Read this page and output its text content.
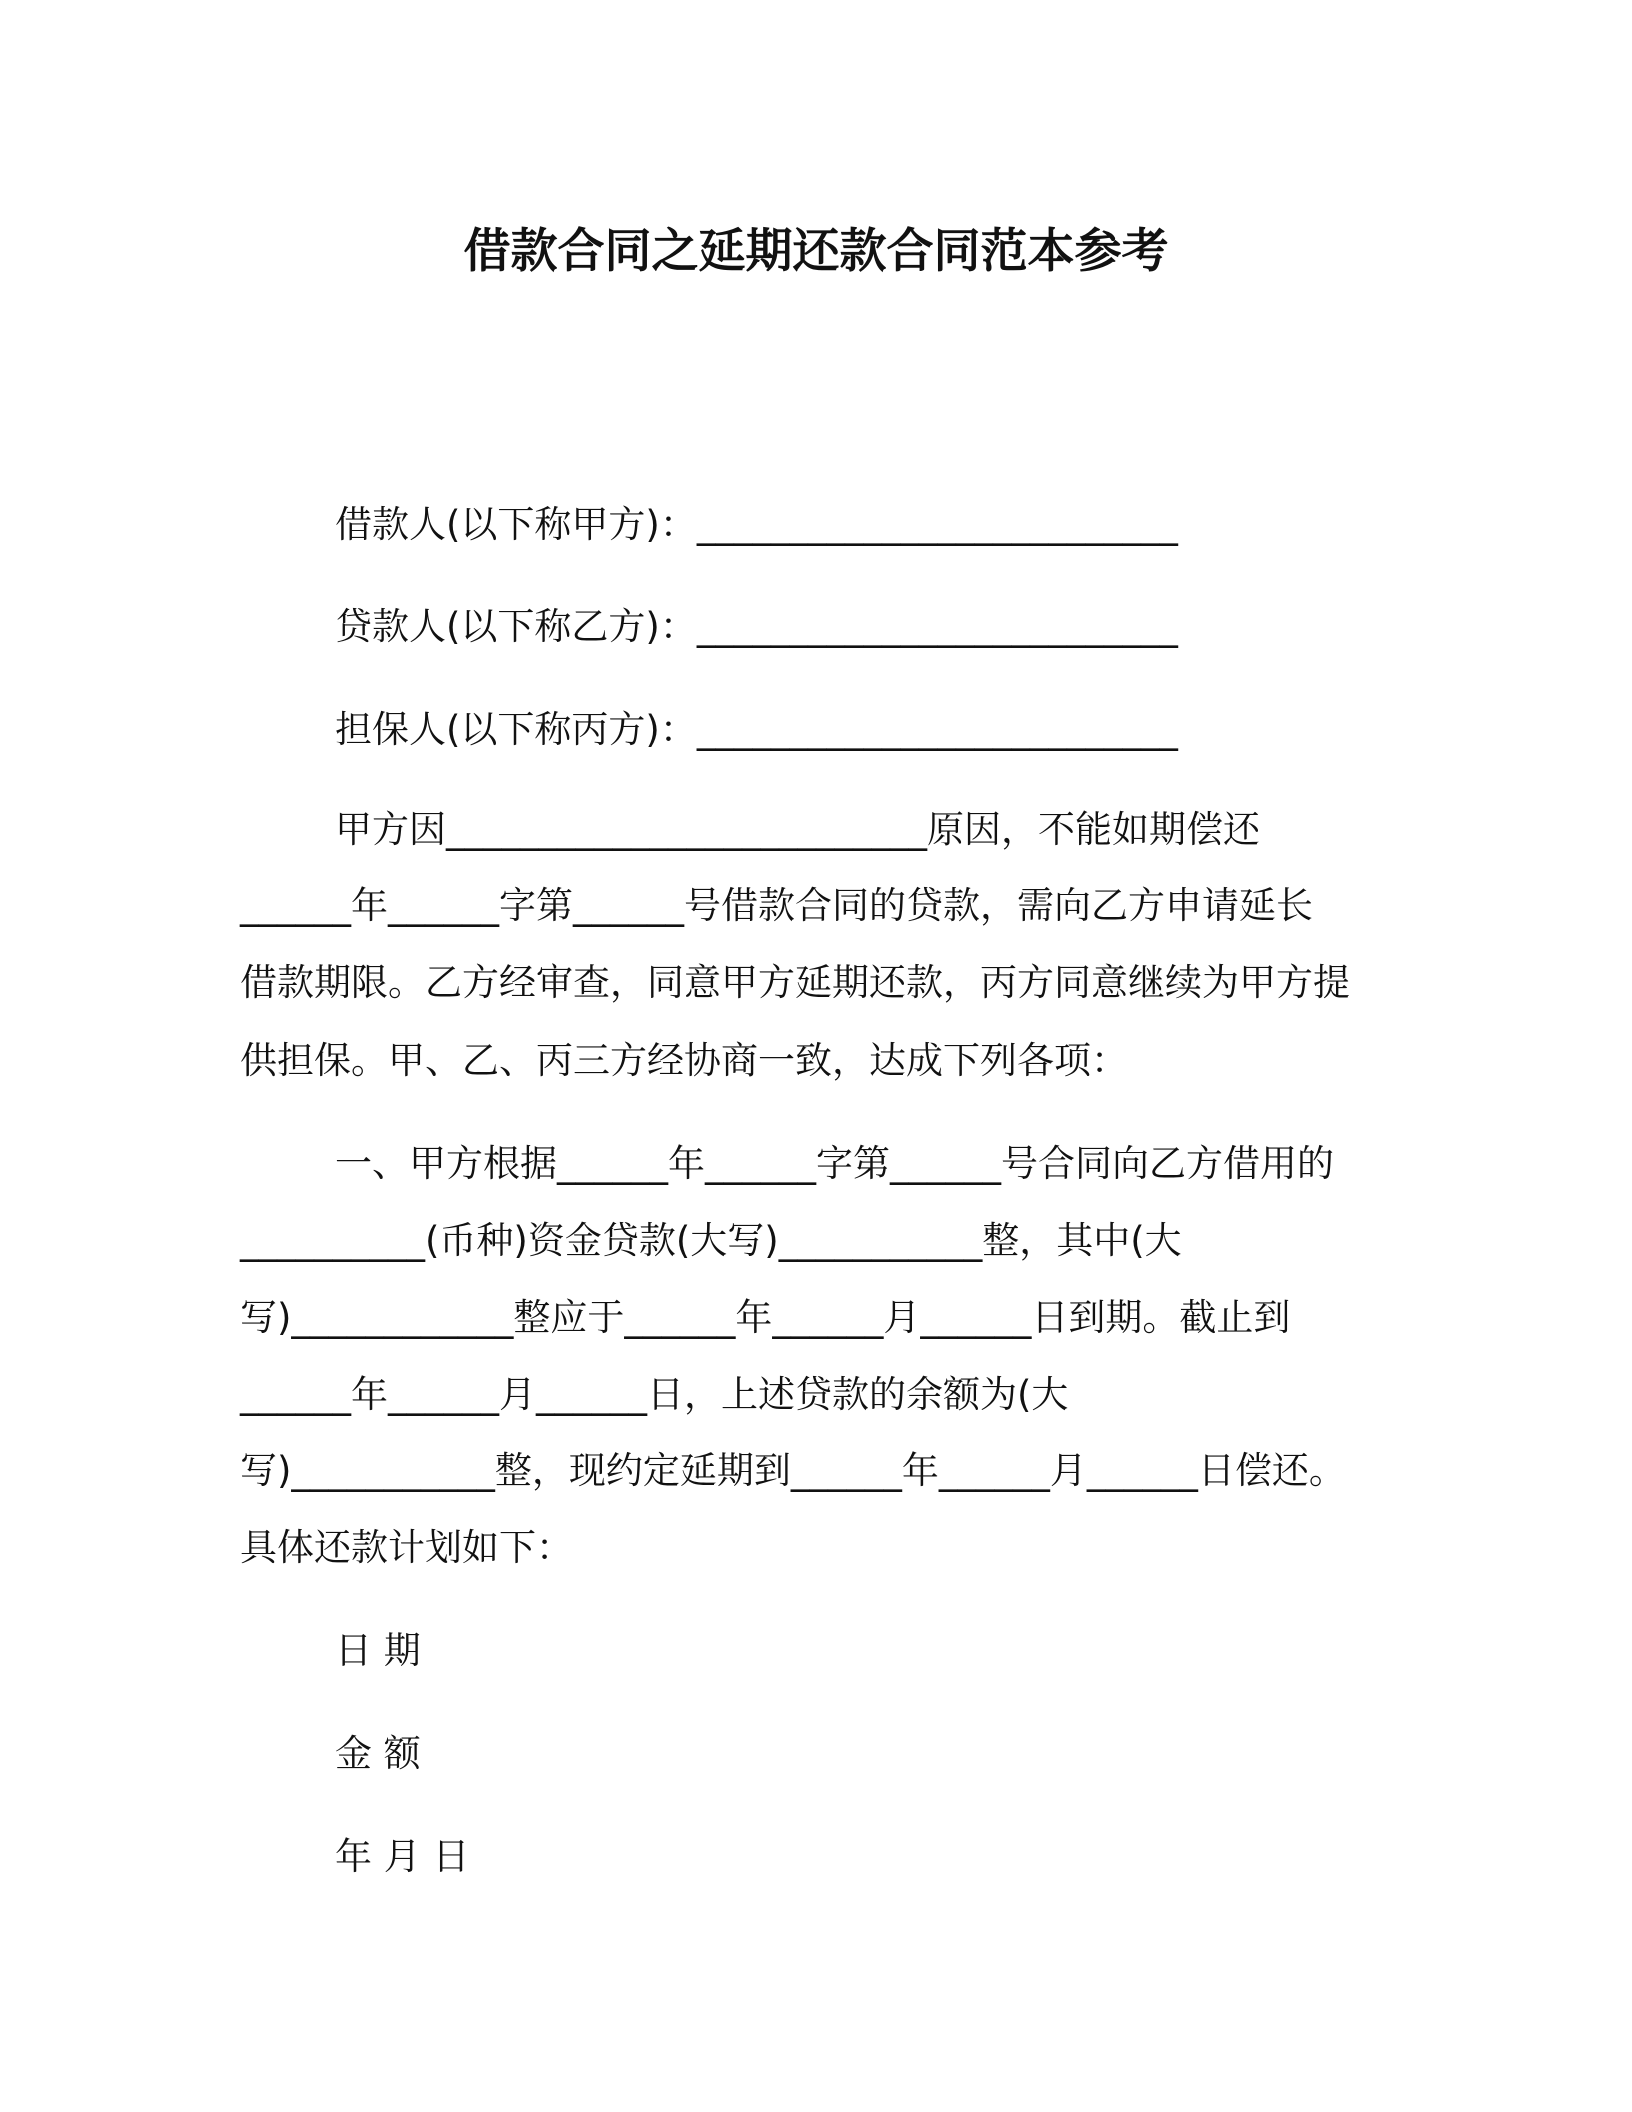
借款合同之延期还款合同范本参考
借款人(以下称甲方)：__________________________
贷款人(以下称乙方)：__________________________
担保人(以下称丙方)：__________________________
甲方因__________________________原因，不能如期偿还
______年______字第______号借款合同的贷款，需向乙方申请延长
借款期限。乙方经审查，同意甲方延期还款，丙方同意继续为甲方提
供担保。甲、乙、丙三方经协商一致，达成下列各项：
一、甲方根据______年______字第______号合同向乙方借用的
__________(币种)资金贷款(大写)___________整，其中(大
写)____________整应于______年______月______日到期。截止到
______年______月______日，上述贷款的余额为(大
写)___________整，现约定延期到______年______月______日偿还。
具体还款计划如下：
日 期
金 额
年 月 日
